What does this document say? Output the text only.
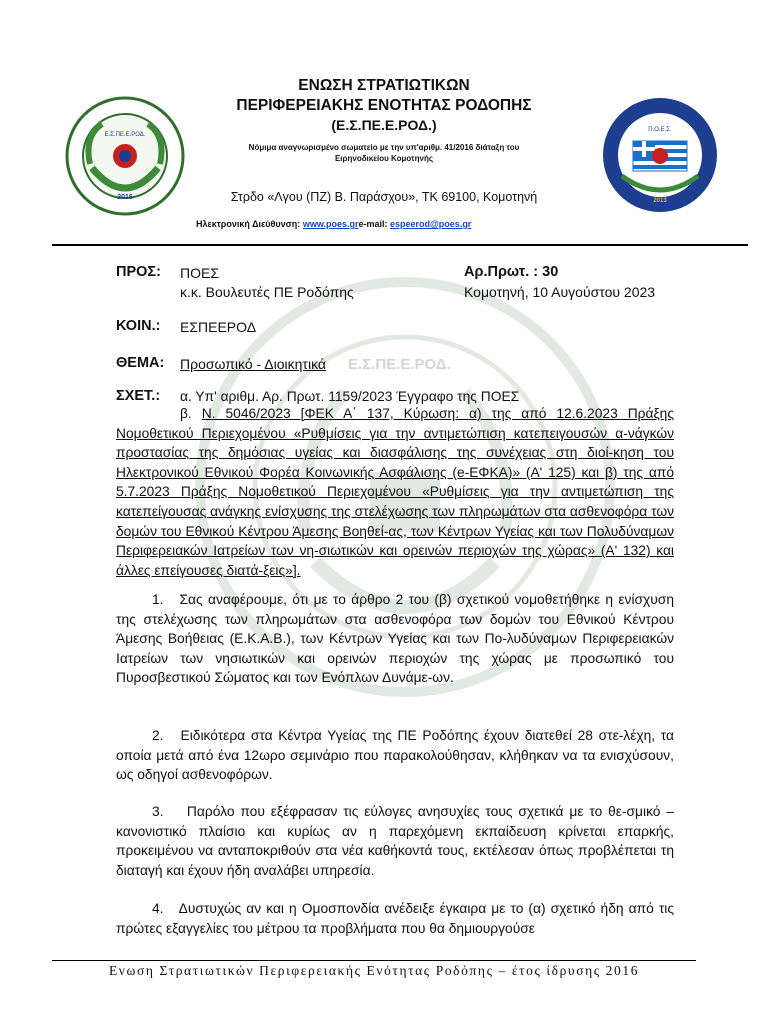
Ε.Σ.ΠΕ.Ε.ΡΟΔ.
2016
Π.Ο.Ε.Σ.
2013
ΕΝΩΣΗ ΣΤΡΑΤΙΩΤΙΚΩΝ
ΠΕΡΙΦΕΡΕΙΑΚΗΣ ΕΝΟΤΗΤΑΣ ΡΟΔΟΠΗΣ
(Ε.Σ.ΠΕ.Ε.ΡΟΔ.)
Νόμιμα αναγνωρισμένο σωματείο με την υπ'αριθμ. 41/2016 διάταξη του
Ειρηνοδικείου Κομοτηνής
Στρδο «Λγου (ΠΖ) Β. Παράσχου», ΤΚ 69100, Κομοτηνή
Ηλεκτρονική Διεύθυνση: www.poes.gre-mail: espeerod@poes.gr
ΠΡΟΣ: ΠΟΕΣ
κ.κ. Βουλευτές ΠΕ Ροδόπης
Αρ.Πρωτ. : 30
Κομοτηνή, 10 Αυγούστου 2023
ΚΟΙΝ.: ΕΣΠΕΕΡΟΔ
ΘΕΜΑ: Προσωπικό - Διοικητικά Ε.Σ.ΠΕ.Ε.ΡΟΔ.
ΣΧΕΤ.: α. Υπ' αριθμ. Αρ. Πρωτ. 1159/2023 Έγγραφο της ΠΟΕΣ
β. Ν. 5046/2023 [ΦΕΚ Α΄ 137, Κύρωση: α) της από 12.6.2023 Πράξης Νομοθετικού Περιεχομένου «Ρυθμίσεις για την αντιμετώπιση κατεπειγουσών α-νάγκών προστασίας της δημόσιας υγείας και διασφάλισης της συνέχειας στη διοί-κηση του Ηλεκτρονικού Εθνικού Φορέα Κοινωνικής Ασφάλισης (e-ΕΦΚΑ)» (Α' 125) και β) της από 5.7.2023 Πράξης Νομοθετικού Περιεχομένου «Ρυθμίσεις για την αντιμετώπιση της κατεπείγουσας ανάγκης ενίσχυσης της στελέχωσης των πληρωμάτων στα ασθενοφόρα των δομών του Εθνικού Κέντρου Άμεσης Βοηθεί-ας, των Κέντρων Υγείας και των Πολυδύναμων Περιφερειακών Ιατρείων των νη-σιωτικών και ορεινών περιοχών της χώρας» (Α' 132) και άλλες επείγουσες διατά-ξεις»].
1. Σας αναφέρουμε, ότι με το άρθρο 2 του (β) σχετικού νομοθετήθηκε η ενίσχυση της στελέχωσης των πληρωμάτων στα ασθενοφόρα των δομών του Εθνικού Κέντρου Άμεσης Βοήθειας (Ε.Κ.Α.Β.), των Κέντρων Υγείας και των Πο-λυδύναμων Περιφερειακών Ιατρείων των νησιωτικών και ορεινών περιοχών της χώρας με προσωπικό του Πυροσβεστικού Σώματος και των Ενόπλων Δυνάμε-ων.
2. Ειδικότερα στα Κέντρα Υγείας της ΠΕ Ροδόπης έχουν διατεθεί 28 στε-λέχη, τα οποία μετά από ένα 12ωρο σεμινάριο που παρακολούθησαν, κλήθηκαν να τα ενισχύσουν, ως οδηγοί ασθενοφόρων.
3.    Παρόλο που εξέφρασαν τις εύλογες ανησυχίες τους σχετικά με το θε-σμικό – κανονιστικό πλαίσιο και κυρίως αν η παρεχόμενη εκπαίδευση κρίνεται επαρκής, προκειμένου να ανταποκριθούν στα νέα καθήκοντά τους, εκτέλεσαν όπως προβλέπεται τη διαταγή και έχουν ήδη αναλάβει υπηρεσία.
4. Δυστυχώς αν και η Ομοσπονδία ανέδειξε έγκαιρα με το (α) σχετικό ήδη από τις πρώτες εξαγγελίες του μέτρου τα προβλήματα που θα δημιουργούσε
Ενωση Στρατιωτικών Περιφερειακής Ενότητας Ροδόπης – έτος ίδρυσης 2016
